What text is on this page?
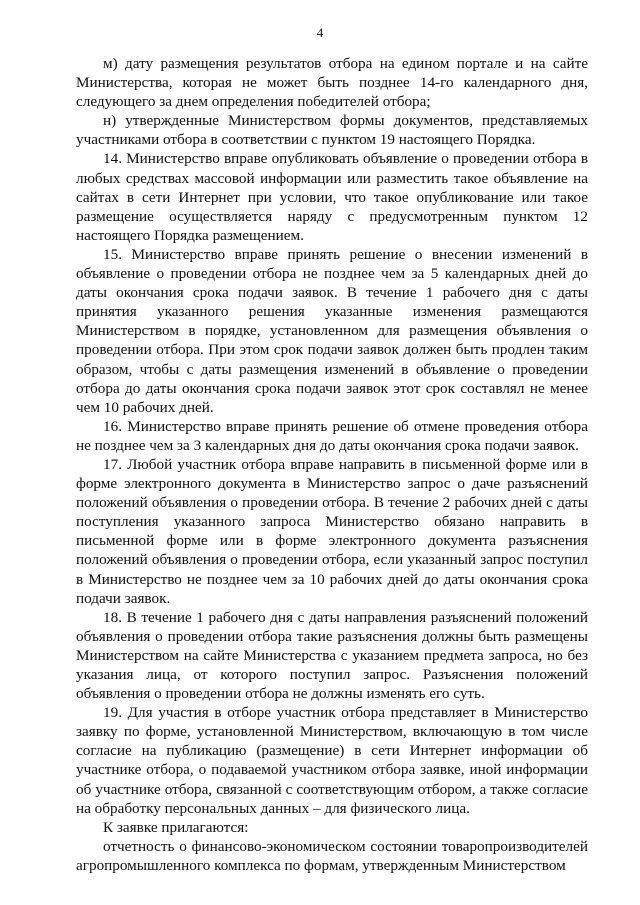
4

м) дату размещения результатов отбора на едином портале и на сайте Министерства, которая не может быть позднее 14-го календарного дня, следующего за днем определения победителей отбора;

н) утвержденные Министерством формы документов, представляемых участниками отбора в соответствии с пунктом 19 настоящего Порядка.

14. Министерство вправе опубликовать объявление о проведении отбора в любых средствах массовой информации или разместить такое объявление на сайтах в сети Интернет при условии, что такое опубликование или такое размещение осуществляется наряду с предусмотренным пунктом 12 настоящего Порядка размещением.

15. Министерство вправе принять решение о внесении изменений в объявление о проведении отбора не позднее чем за 5 календарных дней до даты окончания срока подачи заявок. В течение 1 рабочего дня с даты принятия указанного решения указанные изменения размещаются Министерством в порядке, установленном для размещения объявления о проведении отбора. При этом срок подачи заявок должен быть продлен таким образом, чтобы с даты размещения изменений в объявление о проведении отбора до даты окончания срока подачи заявок этот срок составлял не менее чем 10 рабочих дней.

16. Министерство вправе принять решение об отмене проведения отбора не позднее чем за 3 календарных дня до даты окончания срока подачи заявок.

17. Любой участник отбора вправе направить в письменной форме или в форме электронного документа в Министерство запрос о даче разъяснений положений объявления о проведении отбора. В течение 2 рабочих дней с даты поступления указанного запроса Министерство обязано направить в письменной форме или в форме электронного документа разъяснения положений объявления о проведении отбора, если указанный запрос поступил в Министерство не позднее чем за 10 рабочих дней до даты окончания срока подачи заявок.

18. В течение 1 рабочего дня с даты направления разъяснений положений объявления о проведении отбора такие разъяснения должны быть размещены Министерством на сайте Министерства с указанием предмета запроса, но без указания лица, от которого поступил запрос. Разъяснения положений объявления о проведении отбора не должны изменять его суть.

19. Для участия в отборе участник отбора представляет в Министерство заявку по форме, установленной Министерством, включающую в том числе согласие на публикацию (размещение) в сети Интернет информации об участнике отбора, о подаваемой участником отбора заявке, иной информации об участнике отбора, связанной с соответствующим отбором, а также согласие на обработку персональных данных – для физического лица.

К заявке прилагаются:

отчетность о финансово-экономическом состоянии товаропроизводителей агропромышленного комплекса по формам, утвержденным Министерством
